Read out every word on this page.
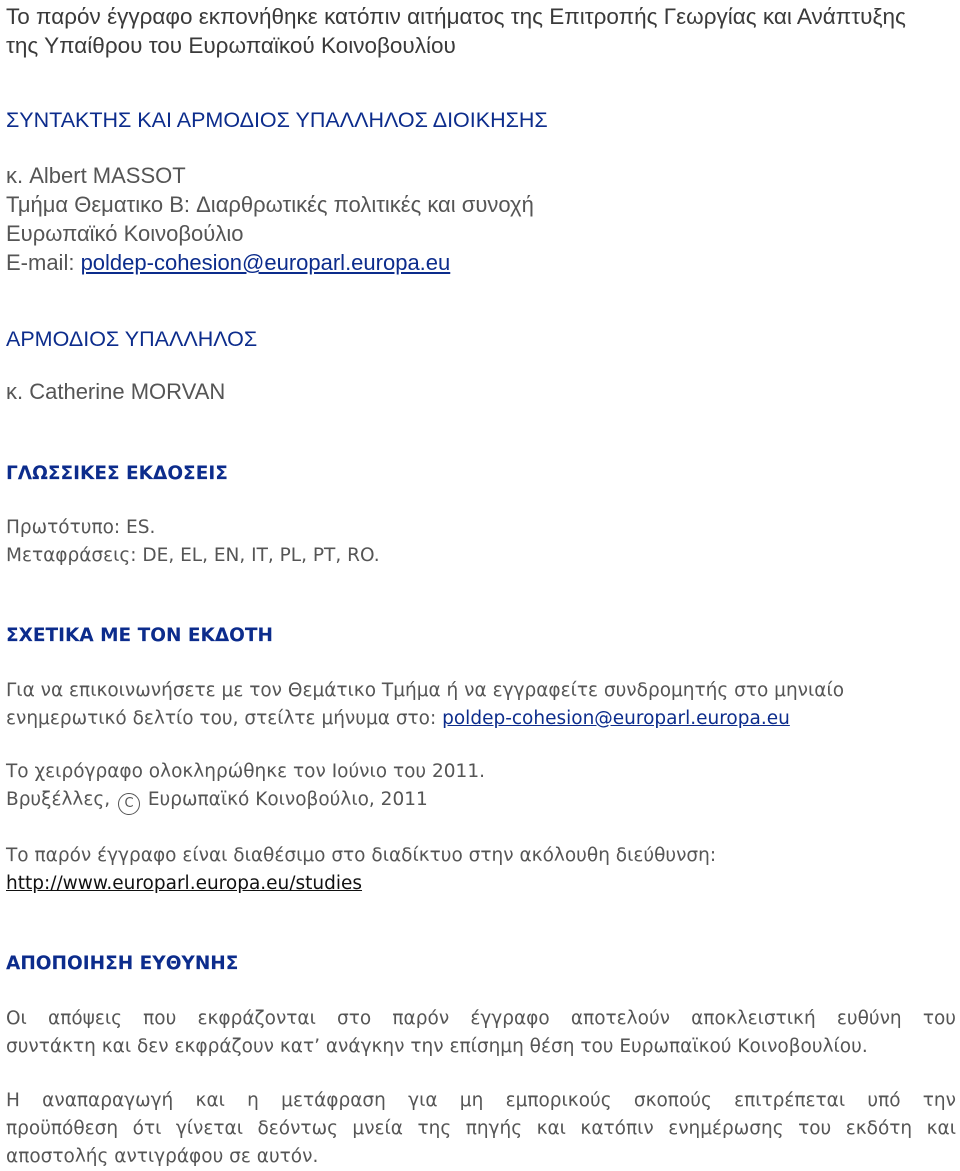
Το παρόν έγγραφο εκπονήθηκε κατόπιν αιτήματος της Επιτροπής Γεωργίας και Ανάπτυξης
της Υπαίθρου του Ευρωπαϊκού Κοινοβουλίου
ΣΥΝΤΑΚΤΗΣ ΚΑΙ ΑΡΜΟΔΙΟΣ ΥΠΑΛΛΗΛΟΣ ΔΙΟΙΚΗΣΗΣ
κ. Albert MASSOT
Τμήμα Θεματικο B: Διαρθρωτικές πολιτικές και συνοχή
Ευρωπαϊκό Κοινοβούλιο
E-mail: poldep-cohesion@europarl.europa.eu
ΑΡΜΟΔΙΟΣ ΥΠΑΛΛΗΛΟΣ
κ. Catherine MORVAN
ΓΛΩΣΣΙΚΕΣ ΕΚΔΟΣΕΙΣ
Πρωτότυπο: ES.
Μεταφράσεις: DE, EL, EN, IT, PL, PT, RO.
ΣΧΕΤΙΚΑ ΜΕ ΤΟΝ ΕΚΔΟΤΗ
Για να επικοινωνήσετε με τον Θεμάτικο Τμήμα ή να εγγραφείτε συνδρομητής στο μηνιαίο
ενημερωτικό δελτίο του, στείλτε μήνυμα στο: poldep-cohesion@europarl.europa.eu
Το χειρόγραφο ολοκληρώθηκε τον Ιούνιο του 2011.
Βρυξέλλες, C Ευρωπαϊκό Κοινοβούλιο, 2011
Το παρόν έγγραφο είναι διαθέσιμο στο διαδίκτυο στην ακόλουθη διεύθυνση:
http://www.europarl.europa.eu/studies
ΑΠΟΠΟΙΗΣΗ ΕΥΘΥΝΗΣ
Οι απόψεις που εκφράζονται στο παρόν έγγραφο αποτελούν αποκλειστική ευθύνη του
συντάκτη και δεν εκφράζουν κατ’ ανάγκην την επίσημη θέση του Ευρωπαϊκού Κοινοβουλίου.
Η αναπαραγωγή και η μετάφραση για μη εμπορικούς σκοπούς επιτρέπεται υπό την
προϋπόθεση ότι γίνεται δεόντως μνεία της πηγής και κατόπιν ενημέρωσης του εκδότη και
αποστολής αντιγράφου σε αυτόν.
